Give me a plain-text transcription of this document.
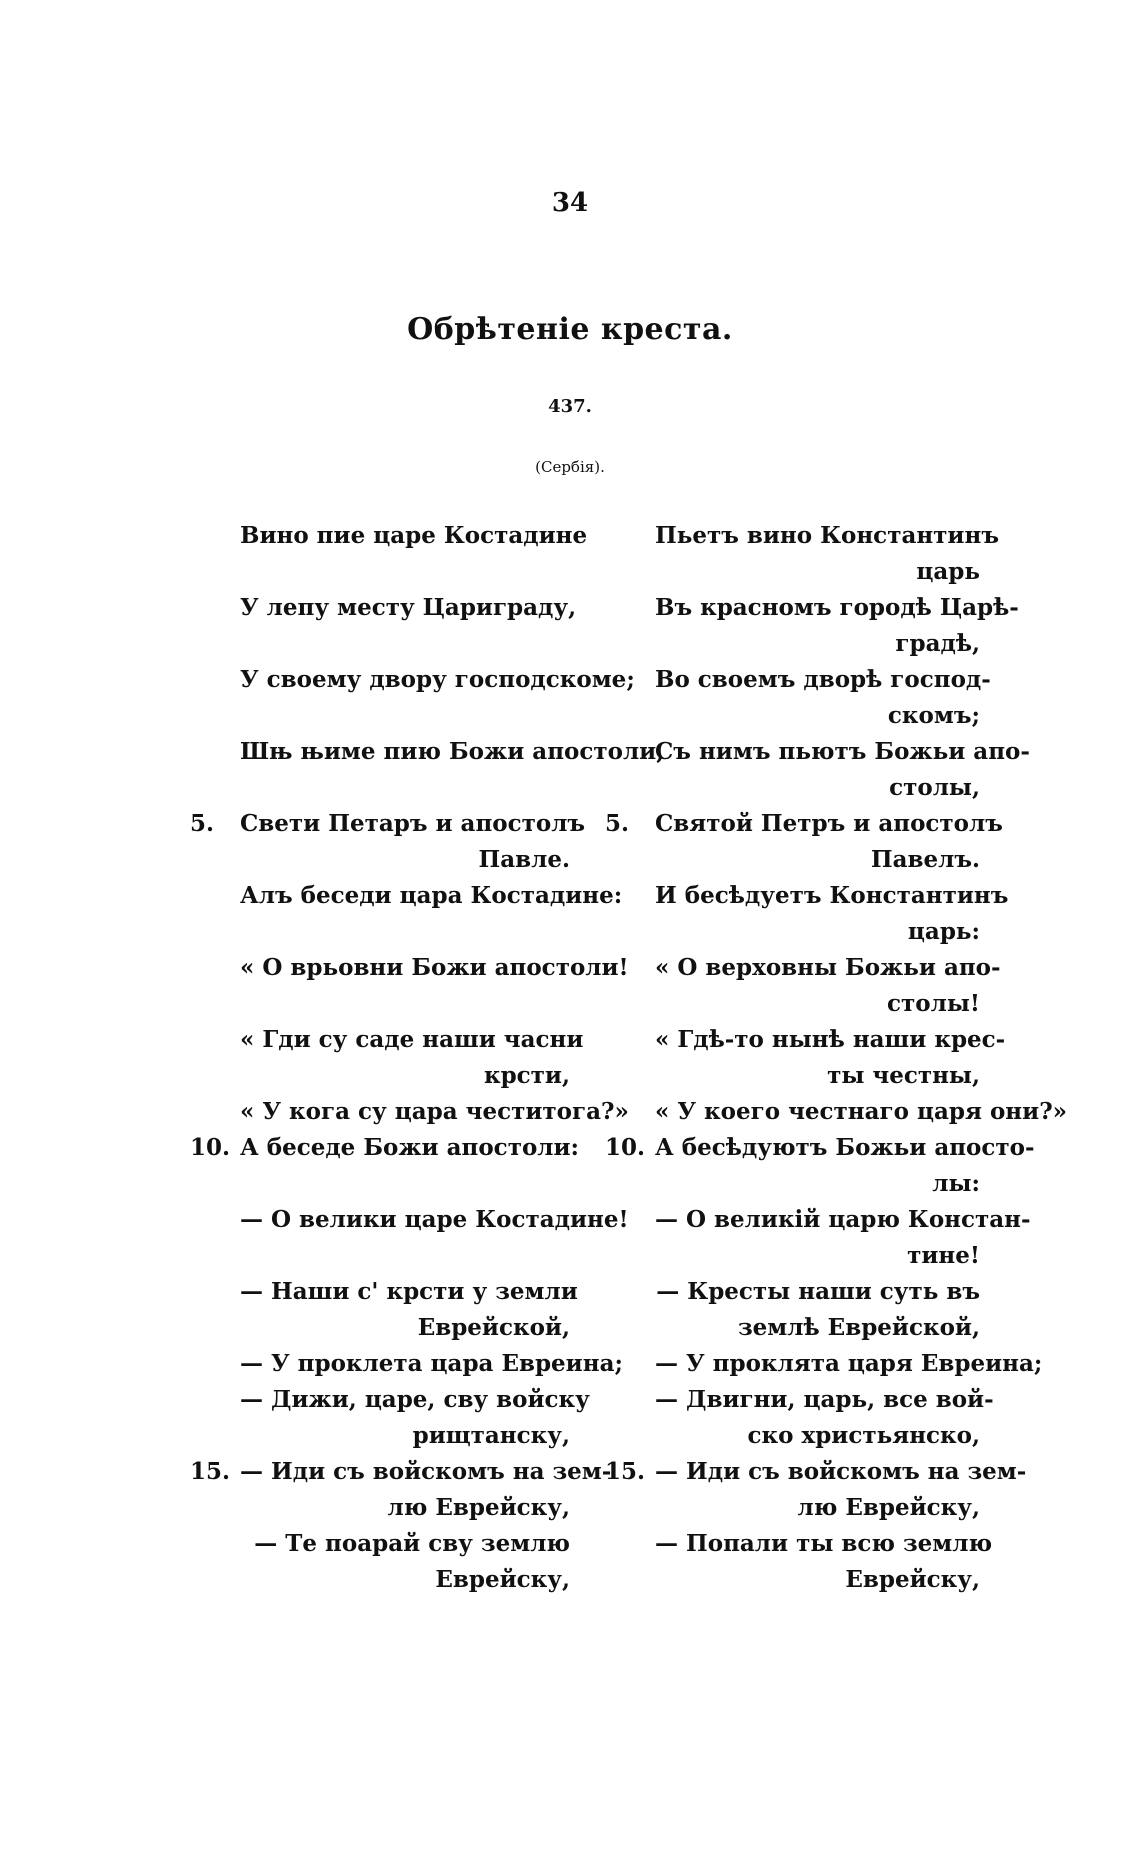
34
Обрѣтеніе креста.
437.
(Сербія).
Вино пие царе Костадине
У лепу месту Цариграду,
У своему двору господскоме;
Шњ њиме пию Божи апостоли,
5.	Свети Петаръ и апостолъ
Павле.
Алъ беседи цара Костадине:
« О врьовни Божи апостоли!
« Гди су саде наши часни
крсти,
« У кога су цара честитога?»
10. А беседе Божи апостоли:
— О велики царе Костадине!
— Наши с' крсти у земли
Еврейской,
— У проклета цара Евреина;
— Дижи, царе, сву войску
рищтанску,
15. — Иди съ войскомъ на зем-
лю Еврейску,
— Те поарай сву землю
Еврейску,
Пьетъ вино Константинъ
царь
Въ красномъ городѣ Царѣ-
градѣ,
Во своемъ дворѣ господ-
скомъ;
Съ нимъ пьютъ Божьи апо-
столы,
5.	Святой Петръ и апостолъ
Павелъ.
И бесѣдуетъ Константинъ
царь:
« О верховны Божьи апо-
столы!
« Гдѣ-то нынѣ наши крес-
ты честны,
« У коего честнаго царя они?»
10. А бесѣдуютъ Божьи апосто-
лы:
— О великій царю Констан-
тине!
— Кресты наши суть въ
землѣ Еврейской,
— У проклята царя Евреина;
— Двигни, царь, все вой-
ско христьянско,
15. — Иди съ войскомъ на зем-
лю Еврейску,
— Попали ты всю землю
Еврейску,
